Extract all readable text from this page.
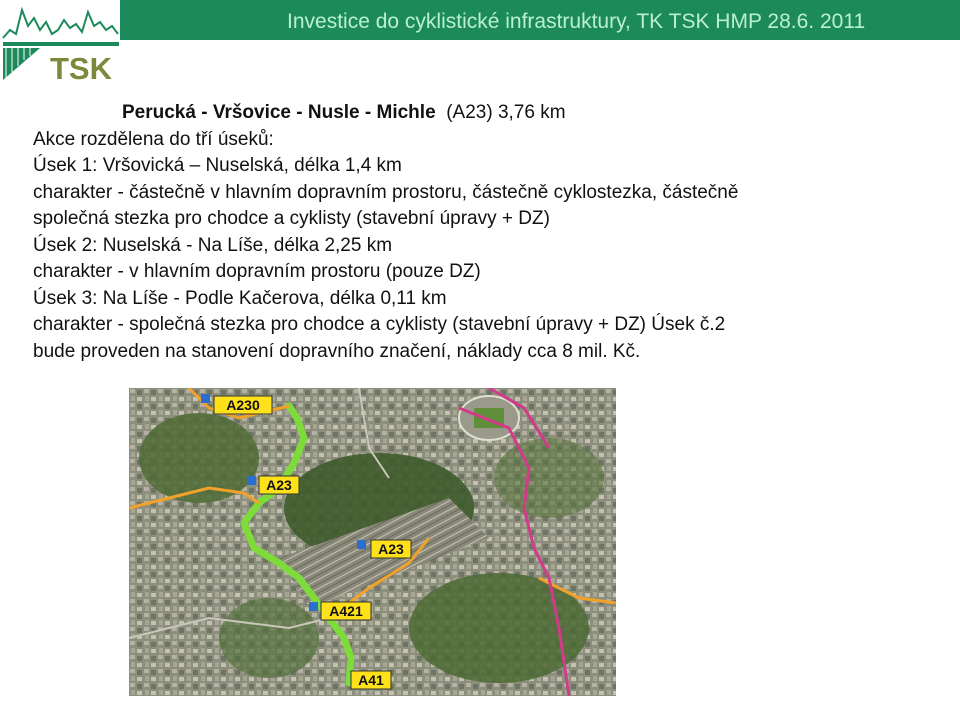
Investice do cyklistické infrastruktury, TK TSK HMP 28.6. 2011
TSK
Perucká - Vršovice - Nusle - Michle  (A23) 3,76 km
Akce rozdělena do tří úseků:
Úsek 1: Vršovická – Nuselská, délka 1,4 km
charakter - částečně v hlavním dopravním prostoru, částečně cyklostezka, částečně
společná stezka pro chodce a cyklisty (stavební úpravy + DZ)
Úsek 2: Nuselská - Na Líše, délka 2,25 km
charakter - v hlavním dopravním prostoru (pouze DZ)
Úsek 3: Na Líše - Podle Kačerova, délka 0,11 km
charakter - společná stezka pro chodce a cyklisty (stavební úpravy + DZ) Úsek č.2
bude proveden na stanovení dopravního značení, náklady cca 8 mil. Kč.
A230
A23
A23
A421
A41
